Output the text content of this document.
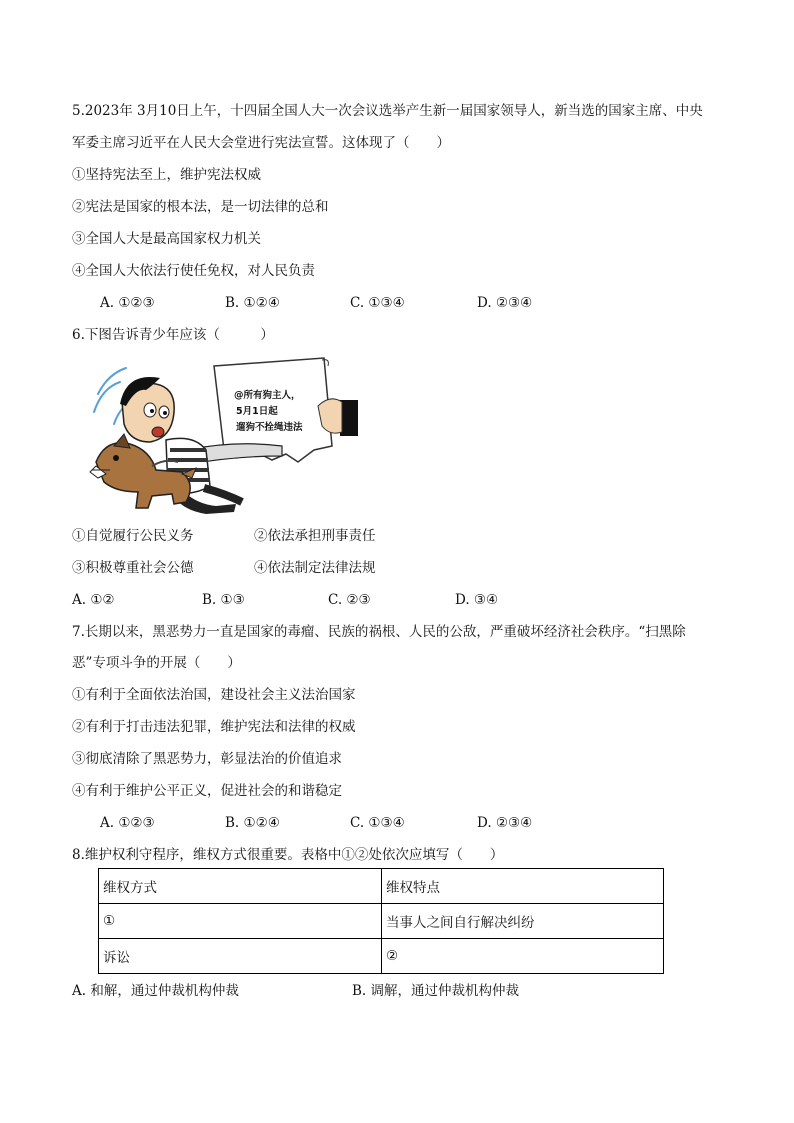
5.2023年 3月10日上午，十四届全国人大一次会议选举产生新一届国家领导人，新当选的国家主席、中央
军委主席习近平在人民大会堂进行宪法宣誓。这体现了（　　）
①坚持宪法至上，维护宪法权威
②宪法是国家的根本法，是一切法律的总和
③全国人大是最高国家权力机关
④全国人大依法行使任免权，对人民负责
A. ①②③	B. ①②④	C. ①③④	D. ②③④
6.下图告诉青少年应该（　　　）
@所有狗主人，
5月1日起
遛狗不拴绳违法
①自觉履行公民义务	②依法承担刑事责任
③积极尊重社会公德	④依法制定法律法规
A. ①②	B. ①③	C. ②③	D. ③④
7.长期以来，黑恶势力一直是国家的毒瘤、民族的祸根、人民的公敌，严重破坏经济社会秩序。“扫黑除
恶”专项斗争的开展（　　）
①有利于全面依法治国，建设社会主义法治国家
②有利于打击违法犯罪，维护宪法和法律的权威
③彻底清除了黑恶势力，彰显法治的价值追求
④有利于维护公平正义，促进社会的和谐稳定
A. ①②③	B. ①②④	C. ①③④	D. ②③④
8.维护权利守程序，维权方式很重要。表格中①②处依次应填写（　　）
维权方式	维权特点
①	当事人之间自行解决纠纷
诉讼	②
A. 和解，通过仲裁机构仲裁	B. 调解，通过仲裁机构仲裁
